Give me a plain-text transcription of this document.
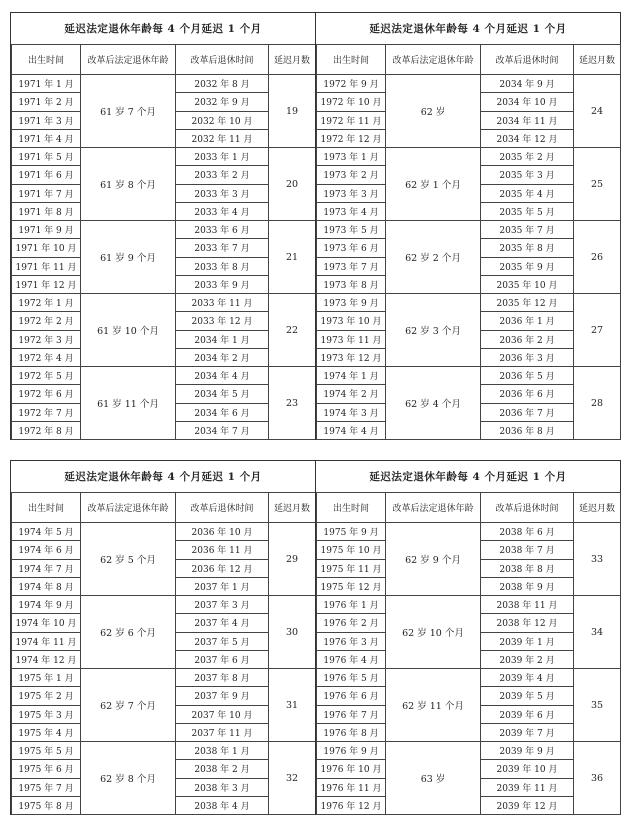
延迟法定退休年龄每 4 个月延迟 1 个月
出生时间	改革后法定退休年龄	改革后退休时间	延迟月数
1971 年 1 月	61 岁 7 个月	2032 年 8 月	19
1971 年 2 月		2032 年 9 月	
1971 年 3 月		2032 年 10 月	
1971 年 4 月		2032 年 11 月	
1971 年 5 月	61 岁 8 个月	2033 年 1 月	20
1971 年 6 月		2033 年 2 月	
1971 年 7 月		2033 年 3 月	
1971 年 8 月		2033 年 4 月	
1971 年 9 月	61 岁 9 个月	2033 年 6 月	21
1971 年 10 月		2033 年 7 月	
1971 年 11 月		2033 年 8 月	
1971 年 12 月		2033 年 9 月	
1972 年 1 月	61 岁 10 个月	2033 年 11 月	22
1972 年 2 月		2033 年 12 月	
1972 年 3 月		2034 年 1 月	
1972 年 4 月		2034 年 2 月	
1972 年 5 月	61 岁 11 个月	2034 年 4 月	23
1972 年 6 月		2034 年 5 月	
1972 年 7 月		2034 年 6 月	
1972 年 8 月		2034 年 7 月	
延迟法定退休年龄每 4 个月延迟 1 个月
出生时间	改革后法定退休年龄	改革后退休时间	延迟月数
1972 年 9 月	62 岁	2034 年 9 月	24
1972 年 10 月		2034 年 10 月	
1972 年 11 月		2034 年 11 月	
1972 年 12 月		2034 年 12 月	
1973 年 1 月	62 岁 1 个月	2035 年 2 月	25
1973 年 2 月		2035 年 3 月	
1973 年 3 月		2035 年 4 月	
1973 年 4 月		2035 年 5 月	
1973 年 5 月	62 岁 2 个月	2035 年 7 月	26
1973 年 6 月		2035 年 8 月	
1973 年 7 月		2035 年 9 月	
1973 年 8 月		2035 年 10 月	
1973 年 9 月	62 岁 3 个月	2035 年 12 月	27
1973 年 10 月		2036 年 1 月	
1973 年 11 月		2036 年 2 月	
1973 年 12 月		2036 年 3 月	
1974 年 1 月	62 岁 4 个月	2036 年 5 月	28
1974 年 2 月		2036 年 6 月	
1974 年 3 月		2036 年 7 月	
1974 年 4 月		2036 年 8 月	
延迟法定退休年龄每 4 个月延迟 1 个月
出生时间	改革后法定退休年龄	改革后退休时间	延迟月数
1974 年 5 月	62 岁 5 个月	2036 年 10 月	29
1974 年 6 月		2036 年 11 月	
1974 年 7 月		2036 年 12 月	
1974 年 8 月		2037 年 1 月	
1974 年 9 月	62 岁 6 个月	2037 年 3 月	30
1974 年 10 月		2037 年 4 月	
1974 年 11 月		2037 年 5 月	
1974 年 12 月		2037 年 6 月	
1975 年 1 月	62 岁 7 个月	2037 年 8 月	31
1975 年 2 月		2037 年 9 月	
1975 年 3 月		2037 年 10 月	
1975 年 4 月		2037 年 11 月	
1975 年 5 月	62 岁 8 个月	2038 年 1 月	32
1975 年 6 月		2038 年 2 月	
1975 年 7 月		2038 年 3 月	
1975 年 8 月		2038 年 4 月	
延迟法定退休年龄每 4 个月延迟 1 个月
出生时间	改革后法定退休年龄	改革后退休时间	延迟月数
1975 年 9 月	62 岁 9 个月	2038 年 6 月	33
1975 年 10 月		2038 年 7 月	
1975 年 11 月		2038 年 8 月	
1975 年 12 月		2038 年 9 月	
1976 年 1 月	62 岁 10 个月	2038 年 11 月	34
1976 年 2 月		2038 年 12 月	
1976 年 3 月		2039 年 1 月	
1976 年 4 月		2039 年 2 月	
1976 年 5 月	62 岁 11 个月	2039 年 4 月	35
1976 年 6 月		2039 年 5 月	
1976 年 7 月		2039 年 6 月	
1976 年 8 月		2039 年 7 月	
1976 年 9 月	63 岁	2039 年 9 月	36
1976 年 10 月		2039 年 10 月	
1976 年 11 月		2039 年 11 月	
1976 年 12 月		2039 年 12 月	
